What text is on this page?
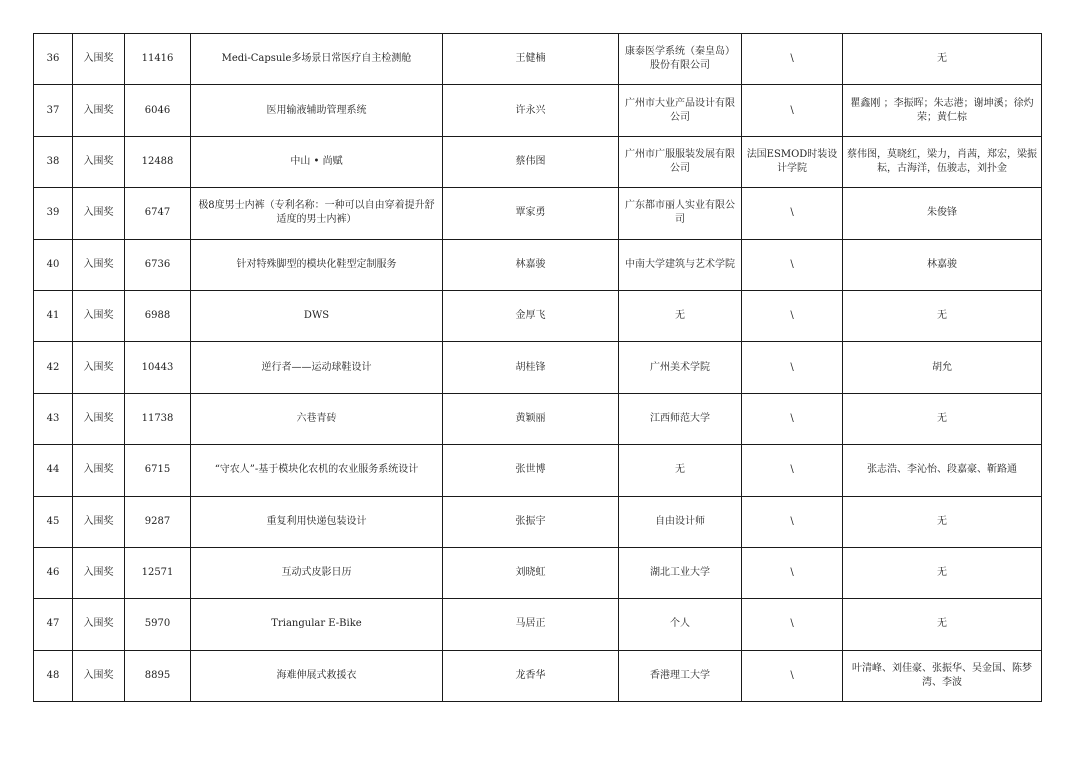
36	入围奖	11416	Medi-Capsule多场景日常医疗自主检测舱	王健楠	康泰医学系统（秦皇岛）股份有限公司	\	无
37	入围奖	6046	医用输液辅助管理系统	许永兴	广州市大业产品设计有限公司	\	瞿鑫刚 ；李振晖；朱志港；谢坤溪；徐灼荣；黄仁棕
38	入围奖	12488	中山 • 尚赋	蔡伟图	广州市广服服装发展有限公司	法国ESMOD时装设计学院	蔡伟图，莫晓红，梁力，肖茜，郑宏，梁振耘，古海洋，伍骏志，刘扑金
39	入围奖	6747	极8度男士内裤（专利名称：一种可以自由穿着提升舒适度的男士内裤）	覃家勇	广东都市丽人实业有限公司	\	朱俊锋
40	入围奖	6736	针对特殊脚型的模块化鞋型定制服务	林嘉骏	中南大学建筑与艺术学院	\	林嘉骏
41	入围奖	6988	DWS	金厚飞	无	\	无
42	入围奖	10443	逆行者——运动球鞋设计	胡桂锋	广州美术学院	\	胡允
43	入围奖	11738	六巷青砖	黄颖丽	江西师范大学	\	无
44	入围奖	6715	“守农人”-基于模块化农机的农业服务系统设计	张世博	无	\	张志浩、李沁怡、段嘉豪、靳路通
45	入围奖	9287	重复利用快递包装设计	张振宇	自由设计师	\	无
46	入围奖	12571	互动式皮影日历	刘晓虹	湖北工业大学	\	无
47	入围奖	5970	Triangular E-Bike	马居正	个人	\	无
48	入围奖	8895	海难伸展式救援衣	龙香华	香港理工大学	\	叶清峰、刘佳豪、张振华、吴金国、陈梦湾、李波
